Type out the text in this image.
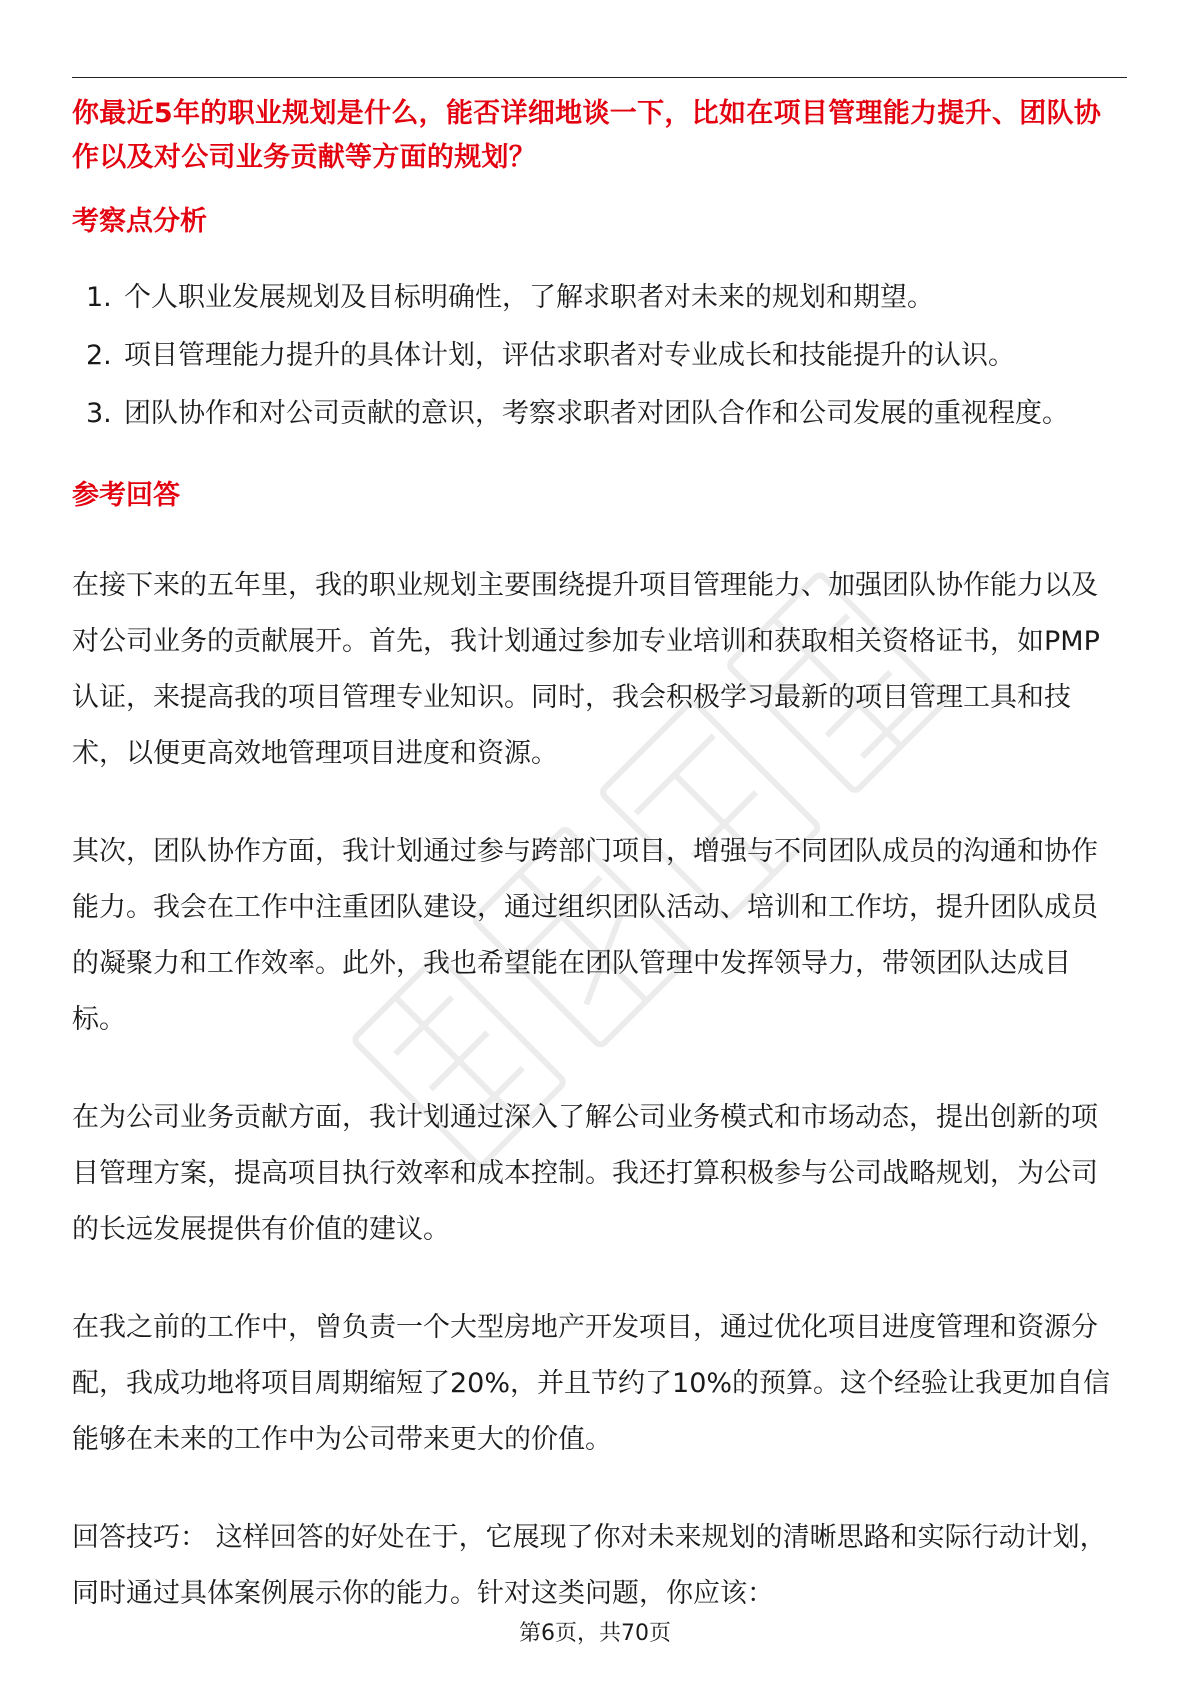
你最近5年的职业规划是什么，能否详细地谈一下，比如在项目管理能力提升、团队协作以及对公司业务贡献等方面的规划？

考察点分析

1. 个人职业发展规划及目标明确性，了解求职者对未来的规划和期望。
2. 项目管理能力提升的具体计划，评估求职者对专业成长和技能提升的认识。
3. 团队协作和对公司贡献的意识，考察求职者对团队合作和公司发展的重视程度。

参考回答

在接下来的五年里，我的职业规划主要围绕提升项目管理能力、加强团队协作能力以及对公司业务的贡献展开。首先，我计划通过参加专业培训和获取相关资格证书，如PMP认证，来提高我的项目管理专业知识。同时，我会积极学习最新的项目管理工具和技术，以便更高效地管理项目进度和资源。

其次，团队协作方面，我计划通过参与跨部门项目，增强与不同团队成员的沟通和协作能力。我会在工作中注重团队建设，通过组织团队活动、培训和工作坊，提升团队成员的凝聚力和工作效率。此外，我也希望能在团队管理中发挥领导力，带领团队达成目标。

在为公司业务贡献方面，我计划通过深入了解公司业务模式和市场动态，提出创新的项目管理方案，提高项目执行效率和成本控制。我还打算积极参与公司战略规划，为公司的长远发展提供有价值的建议。

在我之前的工作中，曾负责一个大型房地产开发项目，通过优化项目进度管理和资源分配，我成功地将项目周期缩短了20%，并且节约了10%的预算。这个经验让我更加自信能够在未来的工作中为公司带来更大的价值。

回答技巧： 这样回答的好处在于，它展现了你对未来规划的清晰思路和实际行动计划，同时通过具体案例展示你的能力。针对这类问题，你应该：

第6页，共70页
